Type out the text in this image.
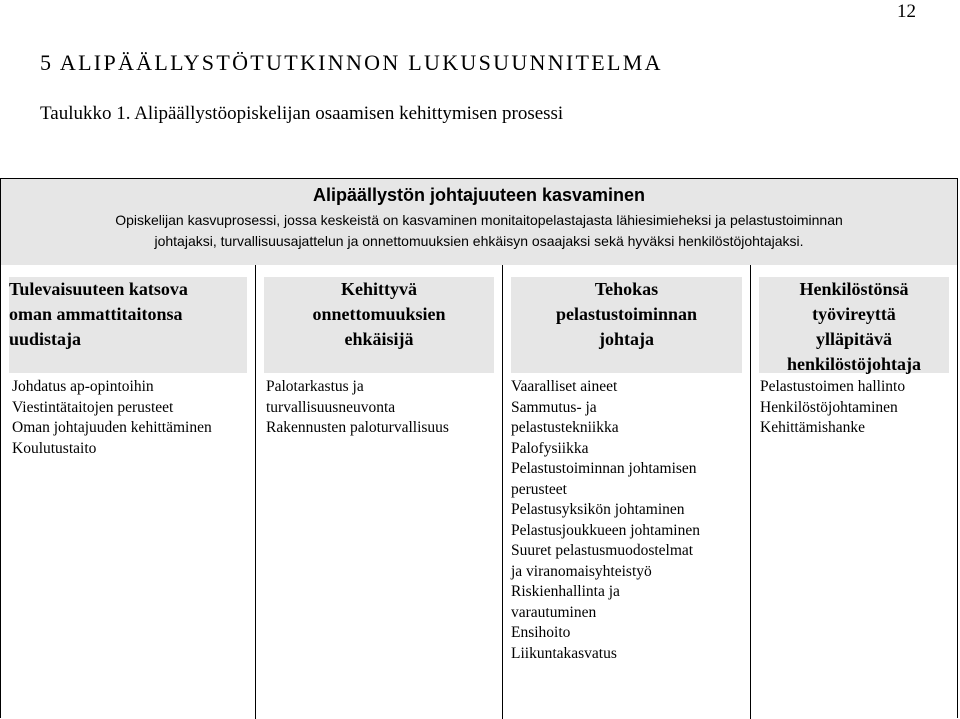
12
5 ALIPÄÄLLYSTÖTUTKINNON LUKUSUUNNITELMA
Taulukko 1. Alipäällystöopiskelijan osaamisen kehittymisen prosessi
Alipäällystön johtajuuteen kasvaminen
Opiskelijan kasvuprosessi, jossa keskeistä on kasvaminen monitaitopelastajasta lähiesimieheksi ja pelastustoiminnan
johtajaksi, turvallisuusajattelun ja onnettomuuksien ehkäisyn osaajaksi sekä hyväksi henkilöstöjohtajaksi.
Tulevaisuuteen katsova
oman ammattitaitonsa
uudistaja
Johdatus ap-opintoihin
Viestintätaitojen perusteet
Oman johtajuuden kehittäminen
Koulutustaito
Kehittyvä
onnettomuuksien
ehkäisijä
Palotarkastus ja
turvallisuusneuvonta
Rakennusten paloturvallisuus
Tehokas
pelastustoiminnan
johtaja
Vaaralliset aineet
Sammutus- ja
pelastustekniikka
Palofysiikka
Pelastustoiminnan johtamisen
perusteet
Pelastusyksikön johtaminen
Pelastusjoukkueen johtaminen
Suuret pelastusmuodostelmat
ja viranomaisyhteistyö
Riskienhallinta ja
varautuminen
Ensihoito
Liikuntakasvatus
Henkilöstönsä
työvireyttä
ylläpitävä
henkilöstöjohtaja
Pelastustoimen hallinto
Henkilöstöjohtaminen
Kehittämishanke
